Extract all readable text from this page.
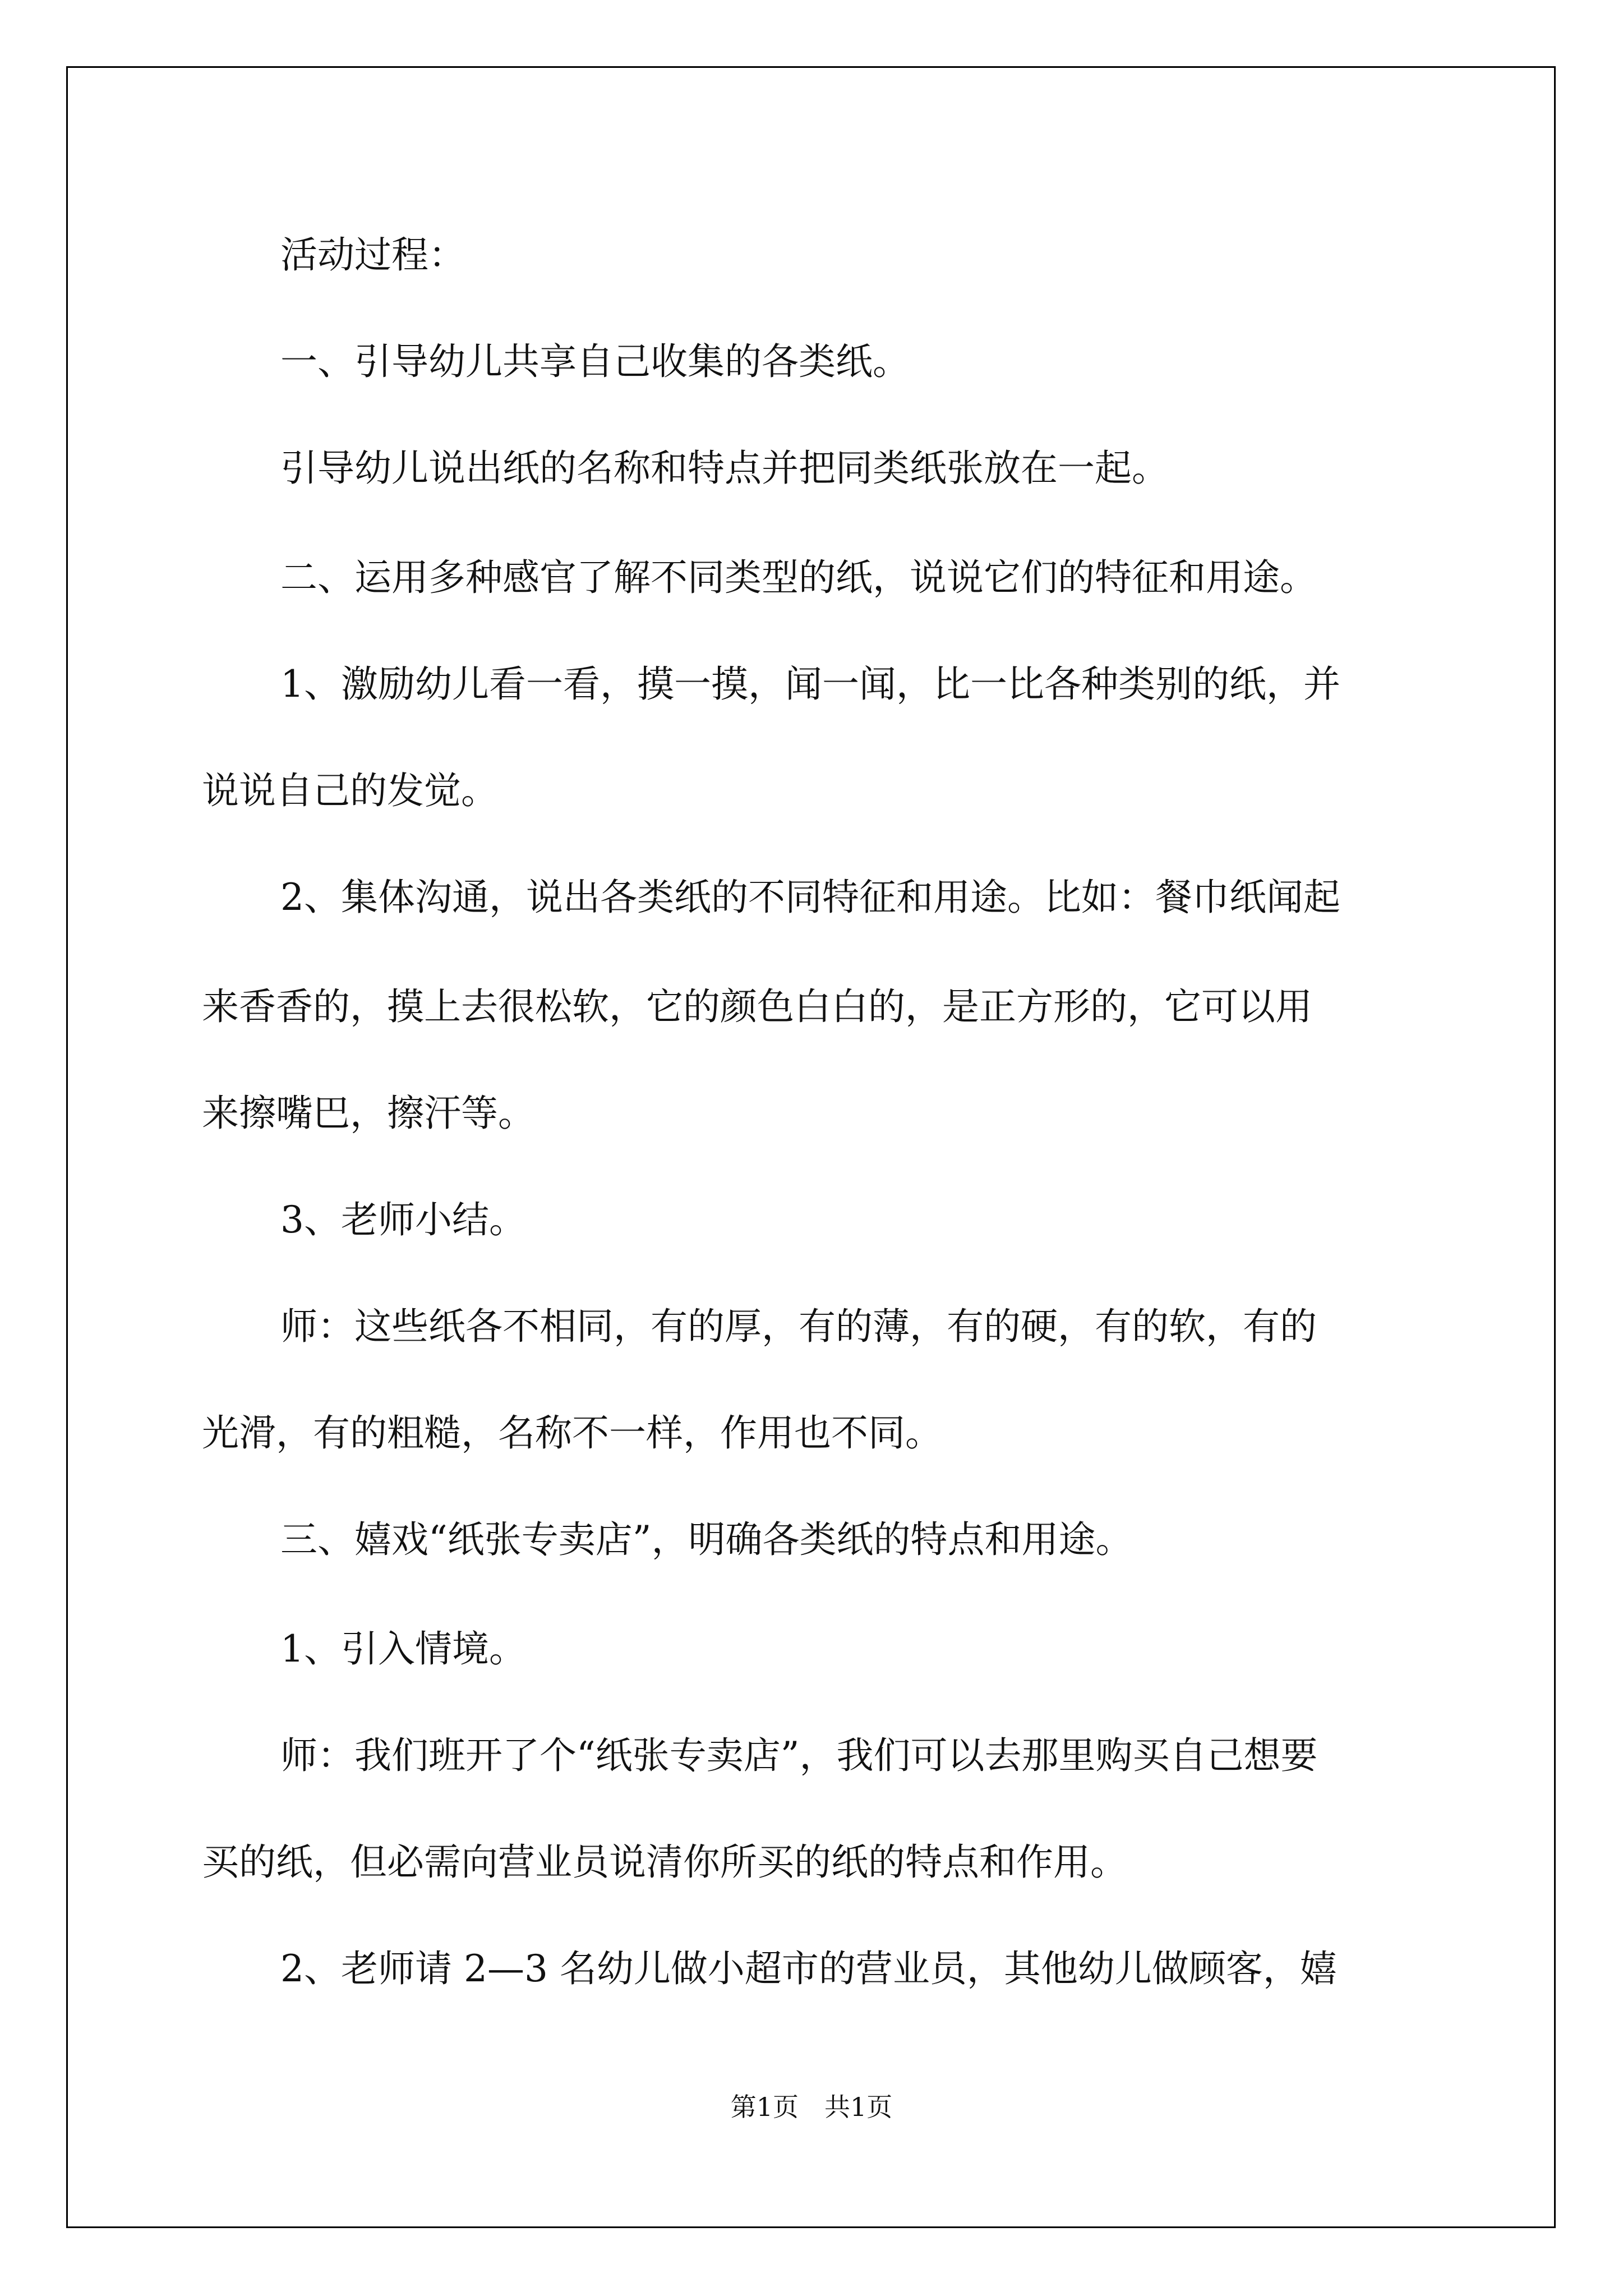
活动过程：
一、引导幼儿共享自己收集的各类纸。
引导幼儿说出纸的名称和特点并把同类纸张放在一起。
二、运用多种感官了解不同类型的纸，说说它们的特征和用途。
1、激励幼儿看一看，摸一摸，闻一闻，比一比各种类别的纸，并
说说自己的发觉。
2、集体沟通，说出各类纸的不同特征和用途。比如：餐巾纸闻起
来香香的，摸上去很松软，它的颜色白白的，是正方形的，它可以用
来擦嘴巴，擦汗等。
3、老师小结。
师：这些纸各不相同，有的厚，有的薄，有的硬，有的软，有的
光滑，有的粗糙，名称不一样，作用也不同。
三、嬉戏“纸张专卖店”，明确各类纸的特点和用途。
1、引入情境。
师：我们班开了个“纸张专卖店”，我们可以去那里购买自己想要
买的纸，但必需向营业员说清你所买的纸的特点和作用。
2、老师请 2—3 名幼儿做小超市的营业员，其他幼儿做顾客，嬉
第1页　共1页
